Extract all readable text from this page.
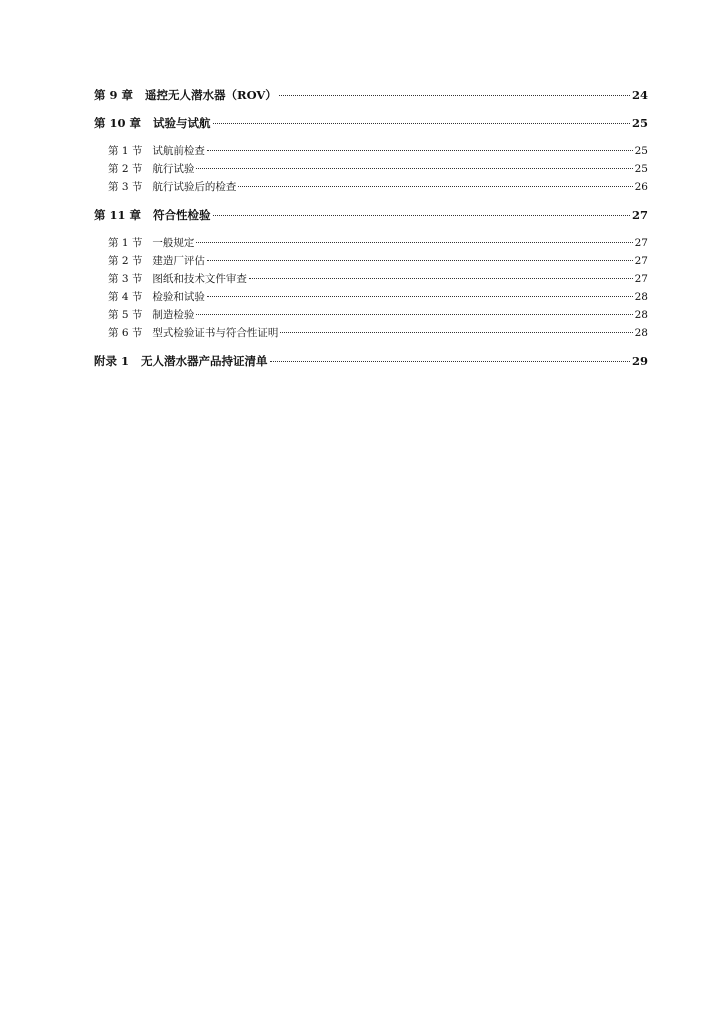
第 9 章 遥控无人潜水器（ROV）	24
第 10 章 试验与试航	25
第 1 节 试航前检查	25
第 2 节 航行试验	25
第 3 节 航行试验后的检查	26
第 11 章 符合性检验	27
第 1 节 一般规定	27
第 2 节 建造厂评估	27
第 3 节 图纸和技术文件审查	27
第 4 节 检验和试验	28
第 5 节 制造检验	28
第 6 节 型式检验证书与符合性证明	28
附录 1 无人潜水器产品持证清单	29
